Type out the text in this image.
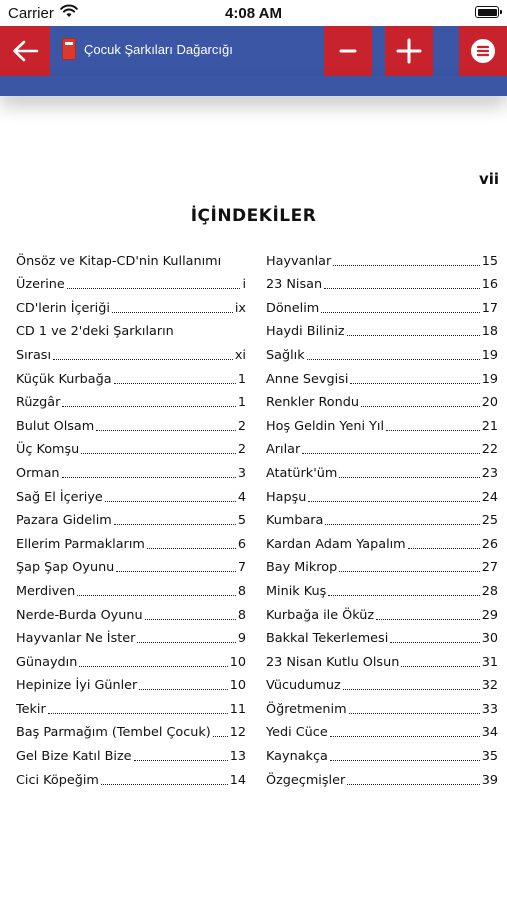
Carrier	4:08 AM
Çocuk Şarkıları Dağarcığı
vii
İÇİNDEKİLER
Önsöz ve Kitap-CD'nin Kullanımı
Üzerine	i
CD'lerin İçeriği	ix
CD 1 ve 2'deki Şarkıların
Sırası	xi
Küçük Kurbağa	1
Rüzgâr	1
Bulut Olsam	2
Üç Komşu	2
Orman	3
Sağ El İçeriye	4
Pazara Gidelim	5
Ellerim Parmaklarım	6
Şap Şap Oyunu	7
Merdiven	8
Nerde-Burda Oyunu	8
Hayvanlar Ne İster	9
Günaydın	10
Hepinize İyi Günler	10
Tekir	11
Baş Parmağım (Tembel Çocuk) 12
Gel Bize Katıl Bize	13
Cici Köpeğim	14
Hayvanlar	15
23 Nisan	16
Dönelim	17
Haydi Biliniz	18
Sağlık	19
Anne Sevgisi	19
Renkler Rondu	20
Hoş Geldin Yeni Yıl	21
Arılar	22
Atatürk'üm	23
Hapşu	24
Kumbara	25
Kardan Adam Yapalım	26
Bay Mikrop	27
Minik Kuş	28
Kurbağa ile Öküz	29
Bakkal Tekerlemesi	30
23 Nisan Kutlu Olsun	31
Vücudumuz	32
Öğretmenim	33
Yedi Cüce	34
Kaynakça	35
Özgeçmişler	39
